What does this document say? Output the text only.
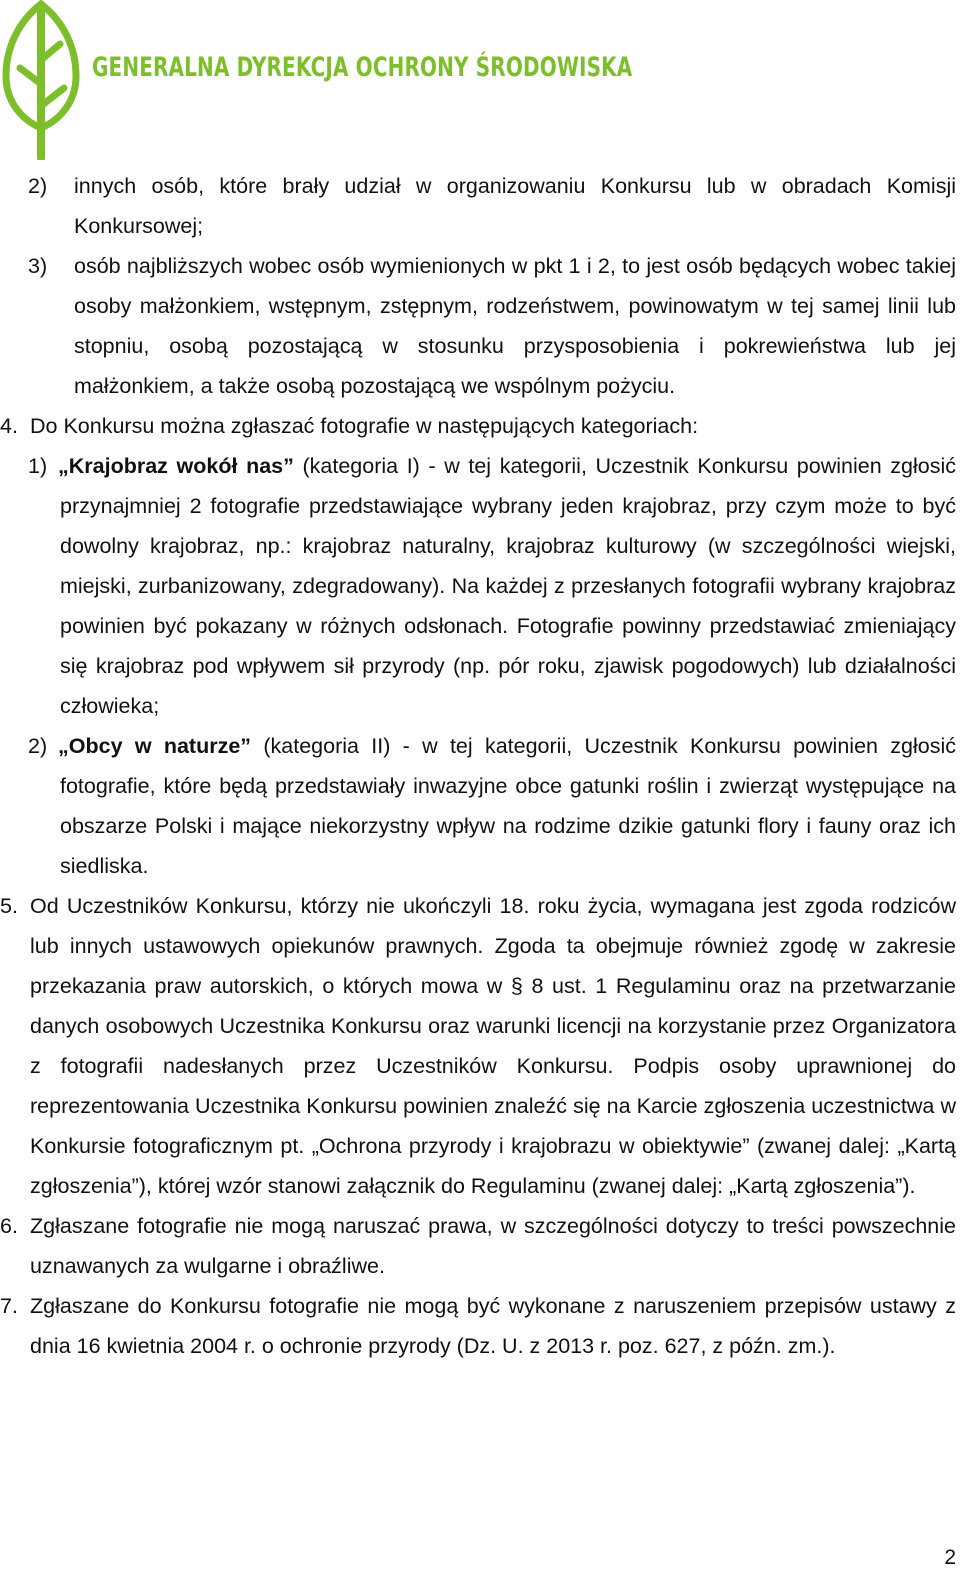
GENERALNA DYREKCJA OCHRONY ŚRODOWISKA
2) innych osób, które brały udział w organizowaniu Konkursu lub w obradach Komisji Konkursowej;
3) osób najbliższych wobec osób wymienionych w pkt 1 i 2, to jest osób będących wobec takiej osoby małżonkiem, wstępnym, zstępnym, rodzeństwem, powinowatym w tej samej linii lub stopniu, osobą pozostającą w stosunku przysposobienia i pokrewieństwa lub jej małżonkiem, a także osobą pozostającą we wspólnym pożyciu.
4. Do Konkursu można zgłaszać fotografie w następujących kategoriach:
1) „Krajobraz wokół nas” (kategoria I) - w tej kategorii, Uczestnik Konkursu powinien zgłosić przynajmniej 2 fotografie przedstawiające wybrany jeden krajobraz, przy czym może to być dowolny krajobraz, np.: krajobraz naturalny, krajobraz kulturowy (w szczególności wiejski, miejski, zurbanizowany, zdegradowany). Na każdej z przesłanych fotografii wybrany krajobraz powinien być pokazany w różnych odsłonach. Fotografie powinny przedstawiać zmieniający się krajobraz pod wpływem sił przyrody (np. pór roku, zjawisk pogodowych) lub działalności człowieka;
2) „Obcy w naturze” (kategoria II) - w tej kategorii, Uczestnik Konkursu powinien zgłosić fotografie, które będą przedstawiały inwazyjne obce gatunki roślin i zwierząt występujące na obszarze Polski i mające niekorzystny wpływ na rodzime dzikie gatunki flory i fauny oraz ich siedliska.
5. Od Uczestników Konkursu, którzy nie ukończyli 18. roku życia, wymagana jest zgoda rodziców lub innych ustawowych opiekunów prawnych. Zgoda ta obejmuje również zgodę w zakresie przekazania praw autorskich, o których mowa w § 8 ust. 1 Regulaminu oraz na przetwarzanie danych osobowych Uczestnika Konkursu oraz warunki licencji na korzystanie przez Organizatora z fotografii nadesłanych przez Uczestników Konkursu. Podpis osoby uprawnionej do reprezentowania Uczestnika Konkursu powinien znaleźć się na Karcie zgłoszenia uczestnictwa w Konkursie fotograficznym pt. „Ochrona przyrody i krajobrazu w obiektywie” (zwanej dalej: „Kartą zgłoszenia”), której wzór stanowi załącznik do Regulaminu (zwanej dalej: „Kartą zgłoszenia”).
6. Zgłaszane fotografie nie mogą naruszać prawa, w szczególności dotyczy to treści powszechnie uznawanych za wulgarne i obraźliwe.
7. Zgłaszane do Konkursu fotografie nie mogą być wykonane z naruszeniem przepisów ustawy z dnia 16 kwietnia 2004 r. o ochronie przyrody (Dz. U. z 2013 r. poz. 627, z późn. zm.).
2
